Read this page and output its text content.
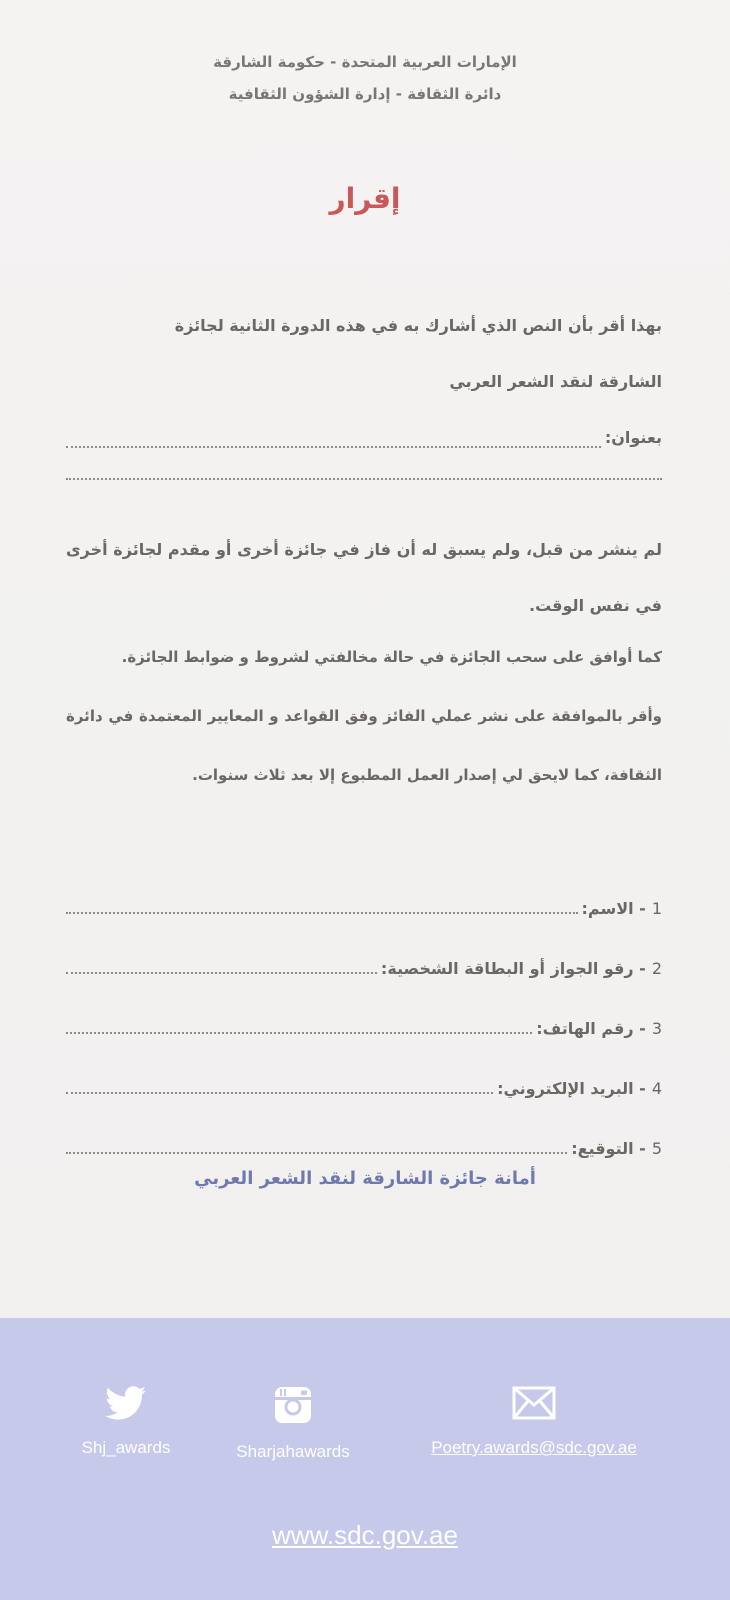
الإمارات العربية المتحدة - حكومة الشارقة
دائرة الثقافة - إدارة الشؤون الثقافية
إقرار
بهذا أقر بأن النص الذي أشارك به في هذه الدورة الثانية لجائزة
الشارقة لنقد الشعر العربي
بعنوان:
لم ينشر من قبل، ولم يسبق له أن فاز في جائزة أخرى أو مقدم لجائزة أخرى في نفس الوقت.
كما أوافق على سحب الجائزة في حالة مخالفتي لشروط و ضوابط الجائزة.
وأقر بالموافقة على نشر عملي الفائز وفق القواعد و المعايير المعتمدة في دائرة الثقافة، كما لايحق لي إصدار العمل المطبوع إلا بعد ثلاث سنوات.
1
- الاسم:
2
- رقو الجواز أو البطاقة الشخصية:
3
- رقم الهاتف:
4
- البريد الإلكتروني:
5
- التوقيع:
أمانة جائزة الشارقة لنقد الشعر العربي
Shj_awards	Sharjahawards	Poetry.awards@sdc.gov.ae
www.sdc.gov.ae
